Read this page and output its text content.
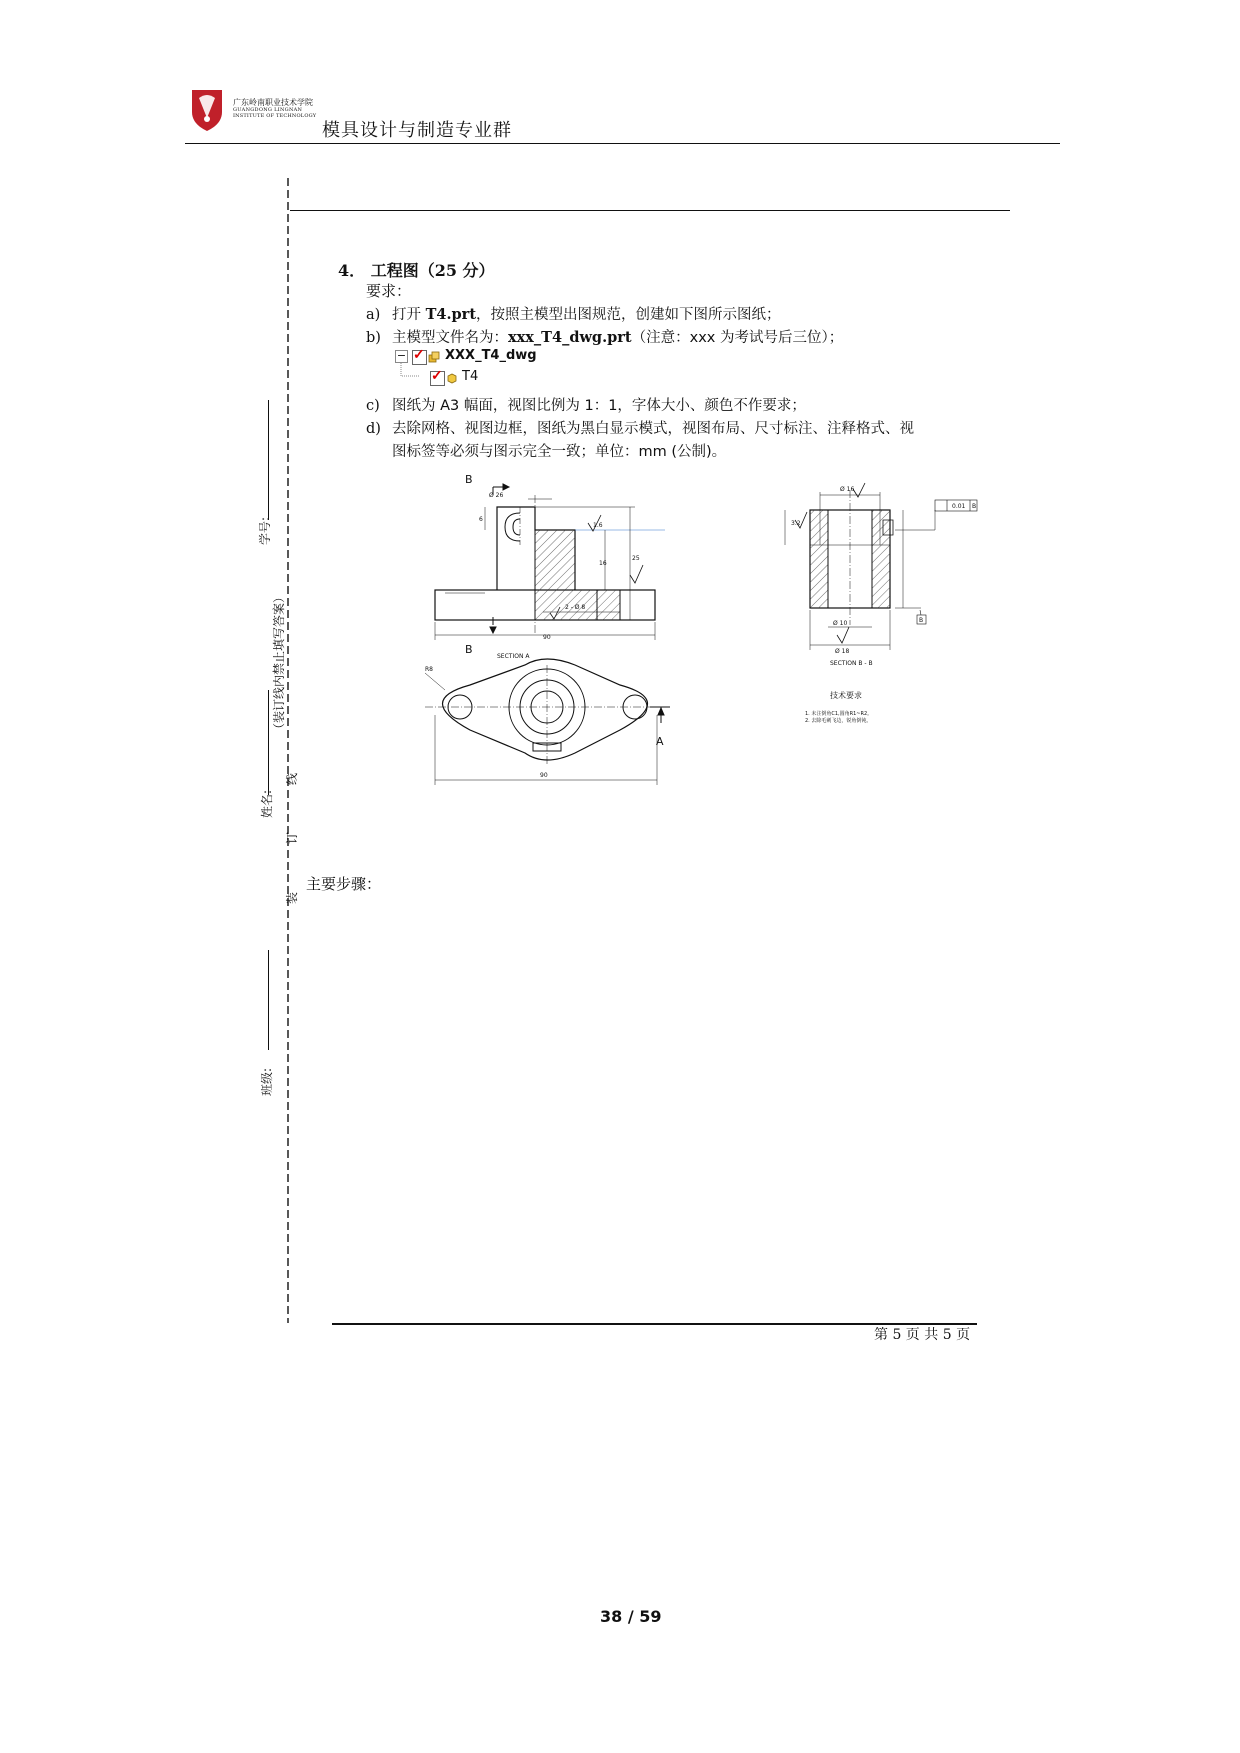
广东岭南职业技术学院
GUANGDONG LINGNAN
INSTITUTE OF TECHNOLOGY
模具设计与制造专业群
学号:
（装订线内禁止填写答案）
线
姓名:
订
装
班级:
4． 工程图（25 分）
要求：
a) 打开 T4.prt，按照主模型出图规范，创建如下图所示图纸；
b) 主模型文件名为：xxx_T4_dwg.prt（注意：xxx 为考试号后三位）；
−
✓	XXX_T4_dwg
✓
T4
c) 图纸为 A3 幅面，视图比例为 1：1，字体大小、颜色不作要求；
d) 去除网格、视图边框，图纸为黑白显示模式，视图布局、尺寸标注、注释格式、视
图标签等必须与图示完全一致；单位：mm (公制)。
B
B
Ø 26
90
2 - Ø 8
16
25
6
1.6
SECTION A
R8
90
A
Ø 16
Ø 18
Ø 10
0.01 B
B
3.2
SECTION B - B
技术要求
1. 未注倒角C1,圆角R1~R2。
2. 去除毛刺飞边，锐角倒钝。
主要步骤：
第 5 页 共 5 页
38 / 59
